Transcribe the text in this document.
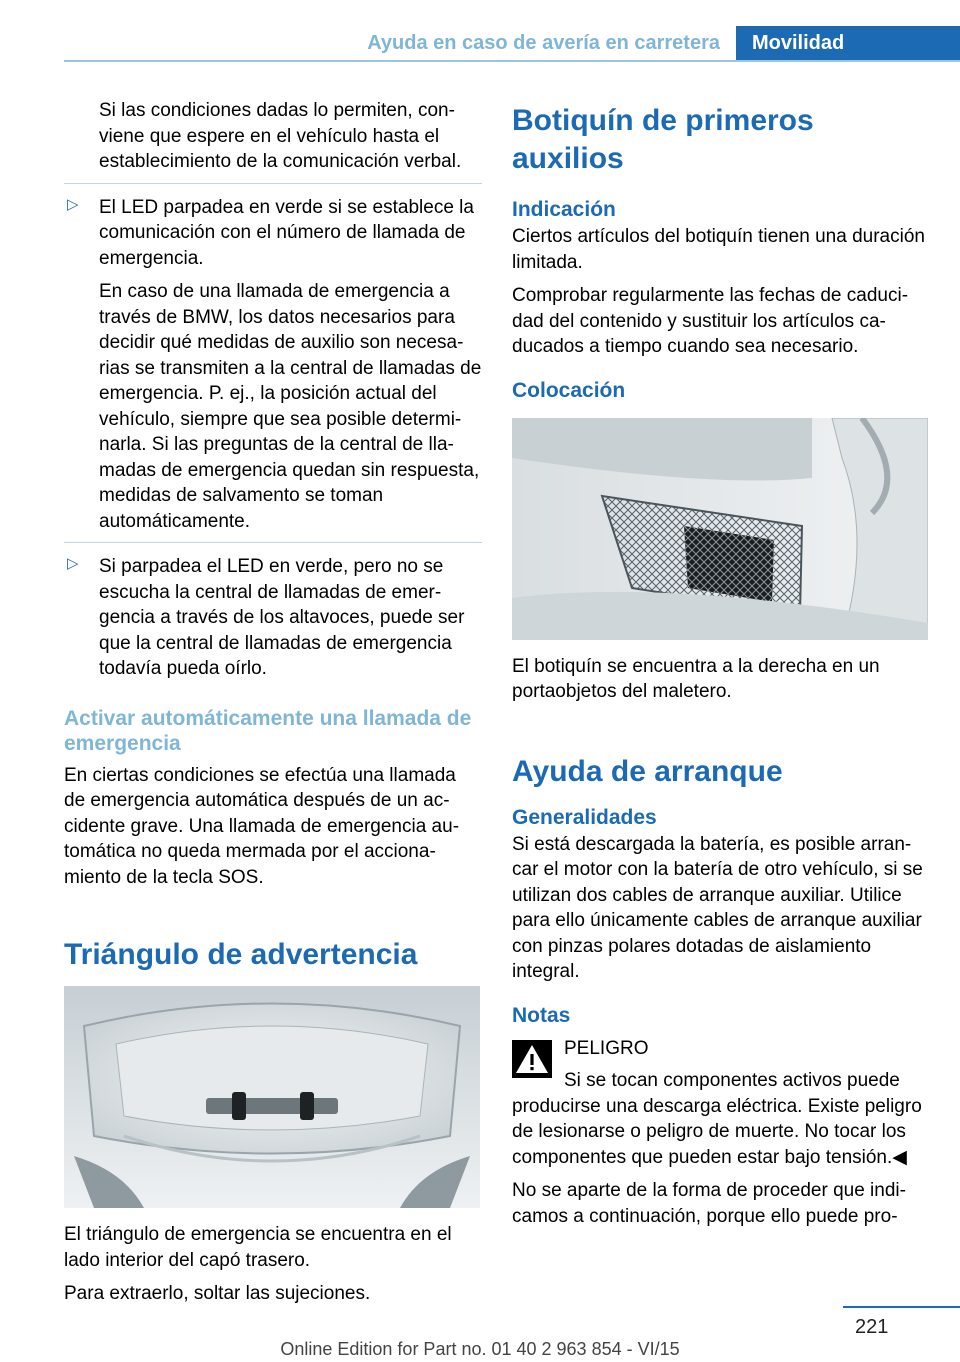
Ayuda en caso de avería en carretera	Movilidad

Si las condiciones dadas lo permiten, conviene que espere en el vehículo hasta el establecimiento de la comunicación verbal.

▷ El LED parpadea en verde si se establece la comunicación con el número de llamada de emergencia.

En caso de una llamada de emergencia a través de BMW, los datos necesarios para decidir qué medidas de auxilio son necesarias se transmiten a la central de llamadas de emergencia. P. ej., la posición actual del vehículo, siempre que sea posible determinarla. Si las preguntas de la central de llamadas de emergencia quedan sin respuesta, medidas de salvamento se toman automáticamente.

▷ Si parpadea el LED en verde, pero no se escucha la central de llamadas de emergencia a través de los altavoces, puede ser que la central de llamadas de emergencia todavía pueda oírlo.

Activar automáticamente una llamada de emergencia

En ciertas condiciones se efectúa una llamada de emergencia automática después de un accidente grave. Una llamada de emergencia automática no queda mermada por el accionamiento de la tecla SOS.

Triángulo de advertencia

El triángulo de emergencia se encuentra en el lado interior del capó trasero.

Para extraerlo, soltar las sujeciones.

Botiquín de primeros auxilios
Indicación

Ciertos artículos del botiquín tienen una duración limitada.

Comprobar regularmente las fechas de caducidad del contenido y sustituir los artículos caducados a tiempo cuando sea necesario.

Colocación

El botiquín se encuentra a la derecha en un portaobjetos del maletero.

Ayuda de arranque
Generalidades

Si está descargada la batería, es posible arrancar el motor con la batería de otro vehículo, si se utilizan dos cables de arranque auxiliar. Utilice para ello únicamente cables de arranque auxiliar con pinzas polares dotadas de aislamiento integral.

Notas

PELIGRO

Si se tocan componentes activos puede

producirse una descarga eléctrica. Existe peligro de lesionarse o peligro de muerte. No tocar los componentes que pueden estar bajo tensión.◀

No se aparte de la forma de proceder que indicamos a continuación, porque ello puede pro-

221
Online Edition for Part no. 01 40 2 963 854 - VI/15
